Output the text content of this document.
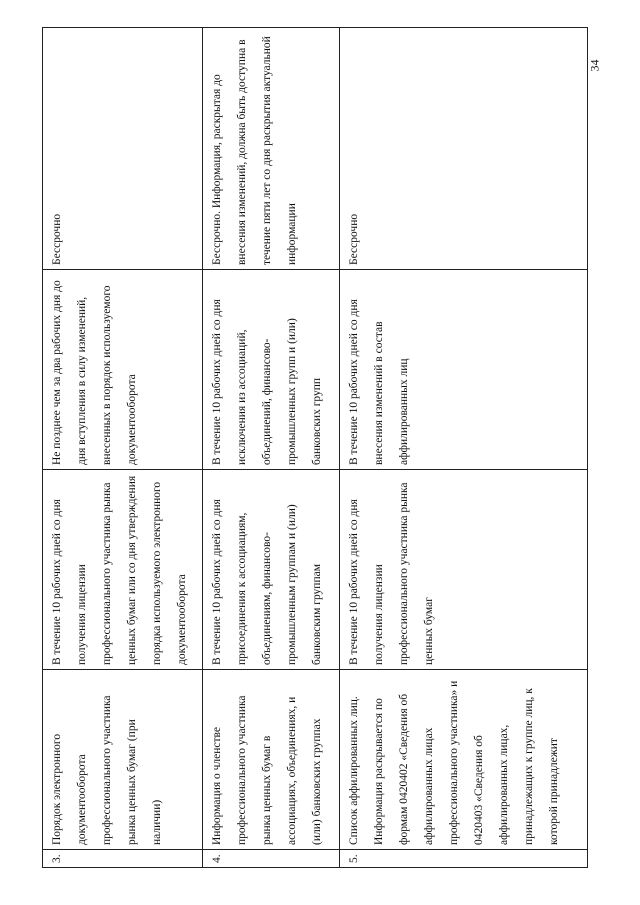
34
3.	Порядок электронного документооборота профессионального участника рынка ценных бумаг (при наличии)	В течение 10 рабочих дней со дня получения лицензии профессионального участника рынка ценных бумаг или со дня утверждения порядка используемого электронного документооборота	Не позднее чем за два рабочих дня до дня вступления в силу изменений, внесенных в порядок используемого документооборота	Бессрочно
4.	Информация о членстве профессионального участника рынка ценных бумаг в ассоциациях, объединениях, и (или) банковских группах	В течение 10 рабочих дней со дня присоединения к ассоциациям, объединениям, финансово-промышленным группам и (или) банковским группам	В течение 10 рабочих дней со дня исключения из ассоциаций, объединений, финансово-промышленных групп и (или) банковских групп	Бессрочно. Информация, раскрытая до внесения изменений, должна быть доступна в течение пяти лет со дня раскрытия актуальной информации
5.	Список аффилированных лиц. Информация раскрывается по формам 0420402 «Сведения об аффилированных лицах профессионального участника» и 0420403 «Сведения об аффилированных лицах, принадлежащих к группе лиц, к которой принадлежит	В течение 10 рабочих дней со дня получения лицензии профессионального участника рынка ценных бумаг	В течение 10 рабочих дней со дня внесения изменений в состав аффилированных лиц	Бессрочно
